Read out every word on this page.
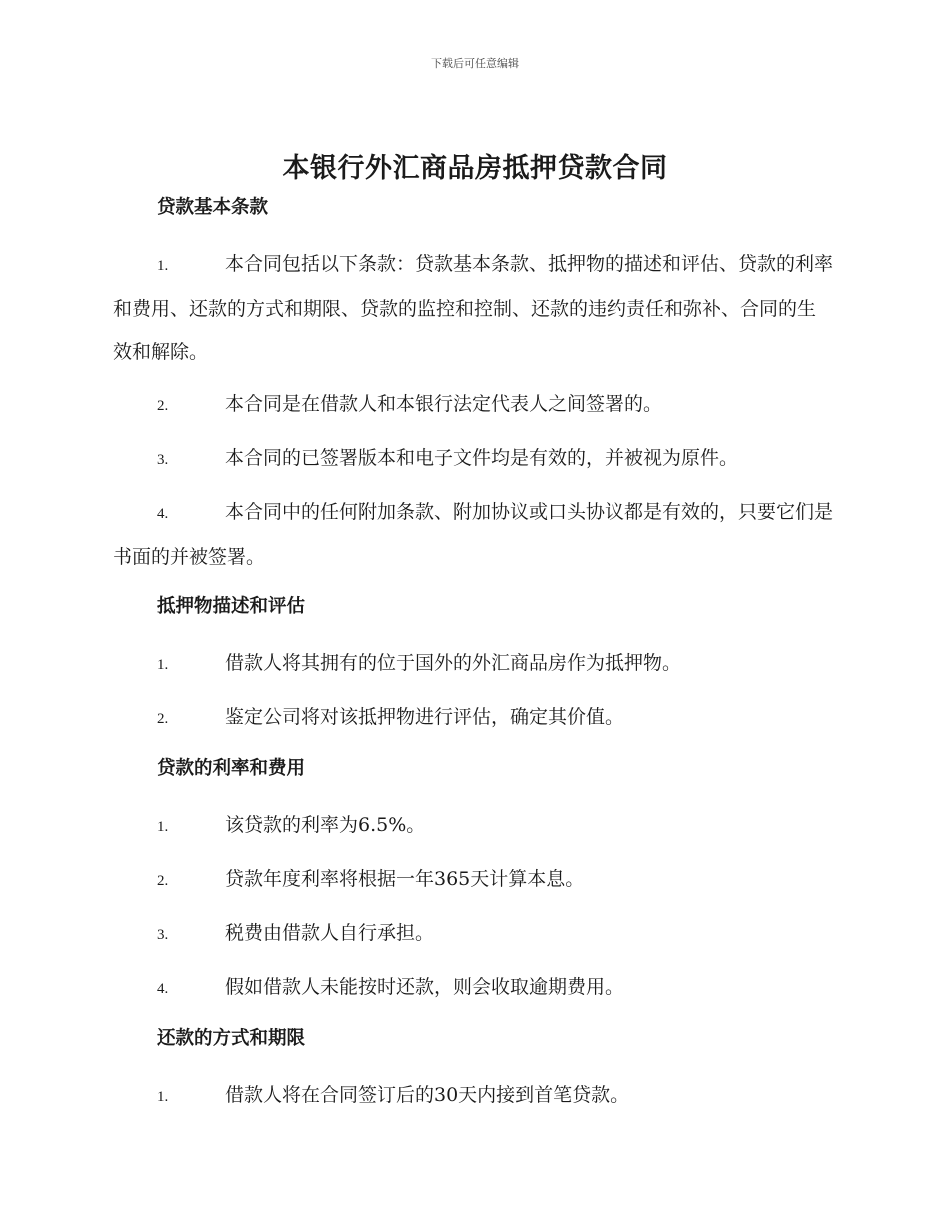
下载后可任意编辑
本银行外汇商品房抵押贷款合同
贷款基本条款
1.	本合同包括以下条款：贷款基本条款、抵押物的描述和评估、贷款的利率和费用、还款的方式和期限、贷款的监控和控制、还款的违约责任和弥补、合同的生效和解除。
2.	本合同是在借款人和本银行法定代表人之间签署的。
3.	本合同的已签署版本和电子文件均是有效的，并被视为原件。
4.	本合同中的任何附加条款、附加协议或口头协议都是有效的，只要它们是书面的并被签署。
抵押物描述和评估
1.	借款人将其拥有的位于国外的外汇商品房作为抵押物。
2.	鉴定公司将对该抵押物进行评估，确定其价值。
贷款的利率和费用
1.	该贷款的利率为6.5%。
2.	贷款年度利率将根据一年365天计算本息。
3.	税费由借款人自行承担。
4.	假如借款人未能按时还款，则会收取逾期费用。
还款的方式和期限
1.	借款人将在合同签订后的30天内接到首笔贷款。
